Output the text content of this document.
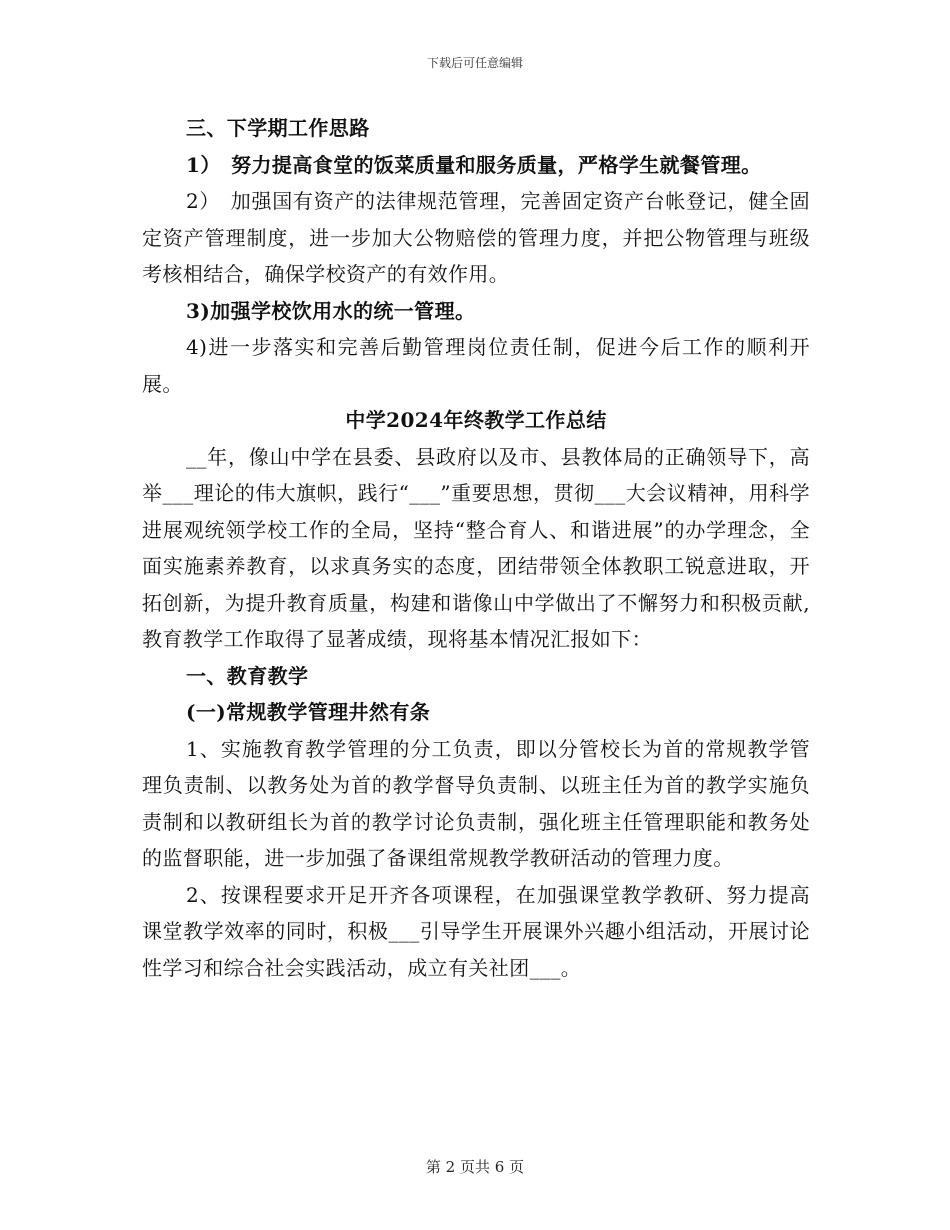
下载后可任意编辑

三、下学期工作思路

1）　努力提高食堂的饭菜质量和服务质量，严格学生就餐管理。

2）　加强国有资产的法律规范管理，完善固定资产台帐登记，健全固定资产管理制度，进一步加大公物赔偿的管理力度，并把公物管理与班级考核相结合，确保学校资产的有效作用。

3)加强学校饮用水的统一管理。

4)进一步落实和完善后勤管理岗位责任制，促进今后工作的顺利开展。

中学2024年终教学工作总结

__年，像山中学在县委、县政府以及市、县教体局的正确领导下，高举___理论的伟大旗帜，践行“___”重要思想，贯彻___大会议精神，用科学进展观统领学校工作的全局，坚持“整合育人、和谐进展”的办学理念，全面实施素养教育，以求真务实的态度，团结带领全体教职工锐意进取，开拓创新，为提升教育质量，构建和谐像山中学做出了不懈努力和积极贡献,教育教学工作取得了显著成绩，现将基本情况汇报如下：

一、教育教学

(一)常规教学管理井然有条

1、实施教育教学管理的分工负责，即以分管校长为首的常规教学管理负责制、以教务处为首的教学督导负责制、以班主任为首的教学实施负责制和以教研组长为首的教学讨论负责制，强化班主任管理职能和教务处的监督职能，进一步加强了备课组常规教学教研活动的管理力度。

2、按课程要求开足开齐各项课程，在加强课堂教学教研、努力提高课堂教学效率的同时，积极___引导学生开展课外兴趣小组活动，开展讨论性学习和综合社会实践活动，成立有关社团___。

第 2 页共 6 页
